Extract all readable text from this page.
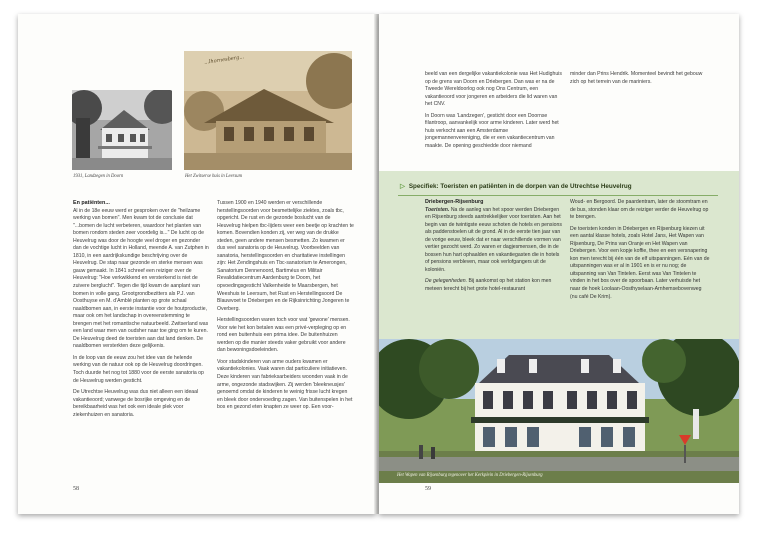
...lhornesberg...
1931, Landzegen in Doorn	Het Zwitserse huis in Leersum
En patiënten...

Al in de 18e eeuw werd er gesproken over de "heilzame werking van bomen". Men kwam tot de conclusie dat "...bomen de lucht verbeteren, waardoor het planten van bomen rondom steden zeer voordelig is..." De lucht op de Heuvelrug was door de hoogte veel droger en gezonder dan de vochtige lucht in Holland, meende A. van Zutphen in 1810, in een aardrijkskundige beschrijving over de Heuvelrug. De stap naar gezonde en sterke mensen was gauw gemaakt. In 1841 schreef een reiziger over de Heuvelrug: "Hoe verkwikkend en versterkend is niet de zuivere berglucht". Tegen die tijd kwam de aanplant van bomen in volle gang. Grootgrondbezitters als P.J. van Oosthuyse en M. d'Amblé planten op grote schaal naaldbomen aan, in eerste instantie voor de houtproductie, maar ook om het landschap in overeenstemming te brengen met het romantische natuurbeeld. Zwitserland was een land waar men van oudsher naar toe ging om te kuren. De Heuvelrug deed de toeristen aan dat land denken. De naaldbomen versterkten deze gelijkenis.

In de loop van de eeuw zou het idee van de helende werking van de natuur ook op de Heuvelrug doordringen. Toch duurde het nog tot 1880 voor de eerste sanatoria op de Heuvelrug werden gesticht.

De Utrechtse Heuvelrug was dus niet alleen een ideaal vakantieoord; vanwege de bosrijke omgeving en de bereikbaarheid was het ook een ideale plek voor ziekenhuizen en sanatoria.

Tussen 1900 en 1940 werden er verschillende herstellingsoorden voor besmettelijke ziektes, zoals tbc, opgericht. De rust en de gezonde boslucht van de Heuvelrug hielpen tbc-lijders weer een beetje op krachten te komen. Bovendien konden zij, ver weg van de drukke steden, geen andere mensen besmetten. Zo kwamen er dus veel sanatoria op de Heuvelrug. Voorbeelden van sanatoria, herstellingsoorden en charitatieve instellingen zijn: Het Zendingshuis en Tbc-sanatorium te Amerongen, Sanatorium Dennenoord, Bartiméus en Militair Revalidatiecentrum Aardenburg te Doorn, het opvoedingsgesticht Valkenheide te Maarsbergen, het Weeshuis te Leersum, het Rust en Herstellingsoord De Blauwvoet te Driebergen en de Rijksinrichting Jongeren te Overberg.

Herstellingsoorden waren toch voor wat 'gewone' mensen. Voor wie het kon betalen was een privé-verpleging op en rond een buitenhuis een prima idee. De buitenhuizen werden op die manier steeds vaker gebruikt voor andere dan bewoningsdoeleinden.

Voor stadskinderen van arme ouders kwamen er vakantiekolonies. Vaak waren dat particuliere initiatieven. Deze kinderen van fabrieksarbeiders woonden vaak in de arme, ongezonde stadswijken. Zij werden 'bleekneusjes' genoemd omdat de kinderen te weinig frisse lucht kregen en bleek door ondervoeding zagen. Van buitenspelen in het bos en gezond eten knapten ze weer op. Een voor-

58

beeld van een dergelijke vakantiekolonie was Het Hudighuis op de grens van Doorn en Driebergen. Dan was er na de Tweede Wereldoorlog ook nog Ons Centrum, een vakantieoord voor jongeren en arbeiders die lid waren van het CNV.

In Doorn was 'Landzegen', gesticht door een Doornse filantroop, aanvankelijk voor arme kinderen. Later werd het huis verkocht aan een Amsterdamse jongemannenvereniging, die er een vakantiecentrum van maakte. De opening geschiedde door niemand

minder dan Prins Hendrik. Momenteel bevindt het gebouw zich op het terrein van de mariniers.

59
▷ Specifiek: Toeristen en patiënten in de dorpen van de Utrechtse Heuvelrug
Driebergen-Rijsenburg

Toeristen. Na de aanleg van het spoor werden Driebergen en Rijsenburg steeds aantrekkelijker voor toeristen. Aan het begin van de twintigste eeuw schoten de hotels en pensions als paddenstoelen uit de grond. Al in de eerste tien jaar van de vorige eeuw, bleek dat er naar verschillende vormen van vertier gezocht werd. Zo waren er dagjesmensen, die in de bossen hun hart ophaalden en vakantiegasten die in hotels of pensions verbleven, maar ook verlofgangers uit de kolonién.

De gelegenheden. Bij aankomst op het station kon men meteen terecht bij het grote hotel-restaurant

Woud- en Bergoord. De paardentram, later de stoomtram en de bus, stonden klaar om de reiziger verder de Heuvelrug op te brengen.

De toeristen konden in Driebergen en Rijsenburg kiezen uit een aantal klasse hotels, zoals Hotel Jans, Het Wapen van Rijsenburg, De Prins van Oranje en Het Wapen van Driebergen. Voor een kopje koffie, thee en een versnapering kon men terecht bij één van de elf uitspanningen. Eén van de uitspanningen was er al in 1901 en is er nu nog; de uitspanning van Van Tintelen. Eerst was Van Tintelen te vinden in het bos over de spoorbaan. Later verhuisde het naar de hoek Loolaan-Oosthyselaan-Arnhemsebovenweg (nu café De Krim).

Het Wapen van Rijsenburg tegenover het Kerkplein in Driebergen-Rijsenburg
